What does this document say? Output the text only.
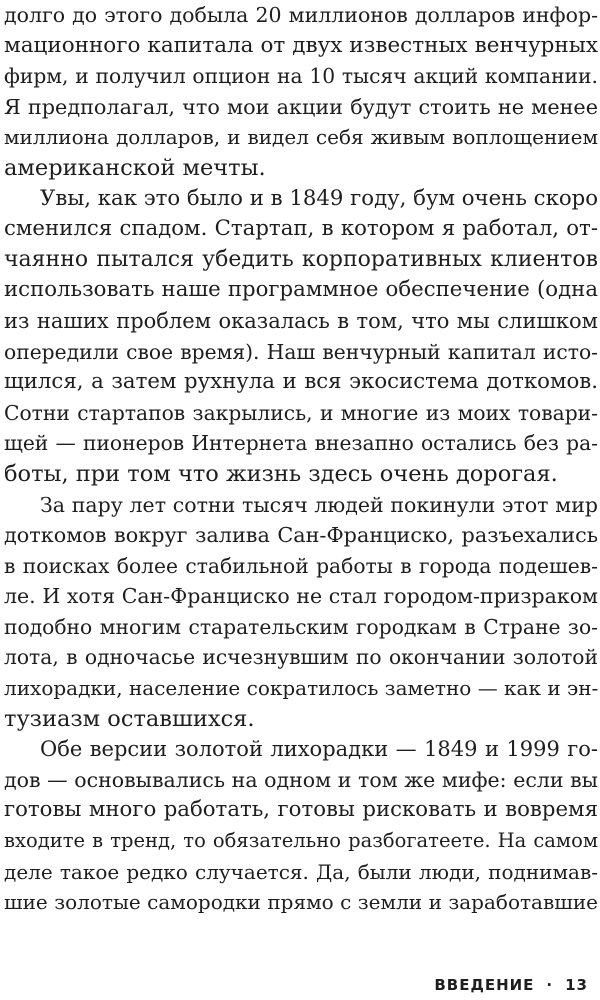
долго до этого добыла 20 миллионов долларов инфор-
мационного капитала от двух известных венчурных
фирм, и получил опцион на 10 тысяч акций компании.
Я предполагал, что мои акции будут стоить не менее
миллиона долларов, и видел себя живым воплощением
американской мечты.
Увы, как это было и в 1849 году, бум очень скоро
сменился спадом. Стартап, в котором я работал, от-
чаянно пытался убедить корпоративных клиентов
использовать наше программное обеспечение (одна
из наших проблем оказалась в том, что мы слишком
опередили свое время). Наш венчурный капитал исто-
щился, а затем рухнула и вся экосистема доткомов.
Сотни стартапов закрылись, и многие из моих товари-
щей — пионеров Интернета внезапно остались без ра-
боты, при том что жизнь здесь очень дорогая.
За пару лет сотни тысяч людей покинули этот мир
доткомов вокруг залива Сан-Франциско, разъехались
в поисках более стабильной работы в города подешев-
ле. И хотя Сан-Франциско не стал городом-призраком
подобно многим старательским городкам в Стране зо-
лота, в одночасье исчезнувшим по окончании золотой
лихорадки, население сократилось заметно — как и эн-
тузиазм оставшихся.
Обе версии золотой лихорадки — 1849 и 1999 го-
дов — основывались на одном и том же мифе: если вы
готовы много работать, готовы рисковать и вовремя
входите в тренд, то обязательно разбогатеете. На самом
деле такое редко случается. Да, были люди, поднимав-
шие золотые самородки прямо с земли и заработавшие
ВВЕДЕНИЕ · 13
